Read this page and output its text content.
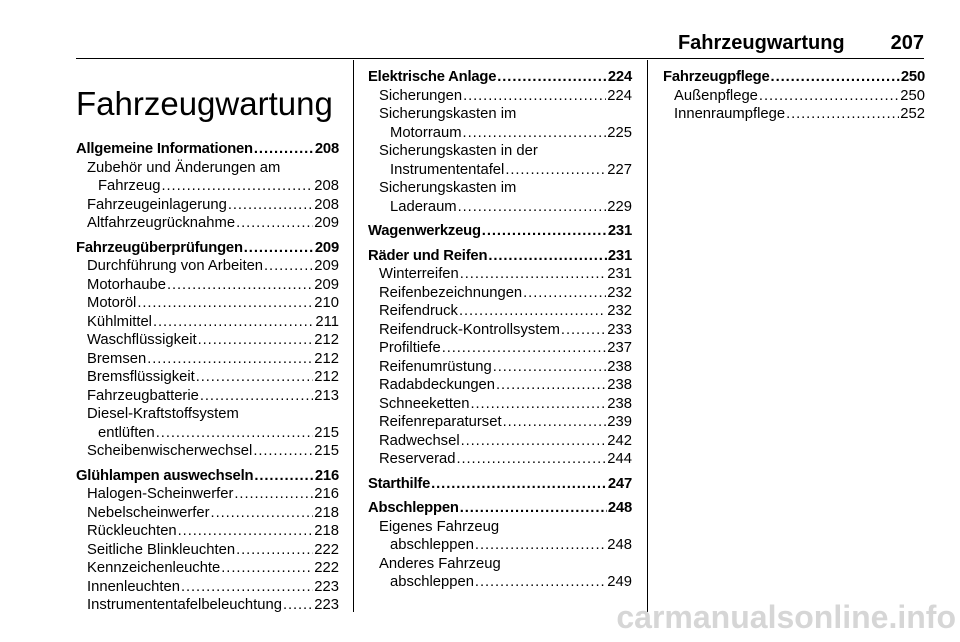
Fahrzeugwartung 207
Fahrzeugwartung
Allgemeine Informationen . . .	208
Zubehör und Änderungen am
Fahrzeug . . .	208
Fahrzeugeinlagerung . . .	208
Altfahrzeugrücknahme . . .	209
Fahrzeugüberprüfungen . . .	209
Durchführung von Arbeiten . . .	209
Motorhaube . . .	209
Motoröl . . .	210
Kühlmittel . . .	211
Waschflüssigkeit . . .	212
Bremsen . . .	212
Bremsflüssigkeit . . .	212
Fahrzeugbatterie . . .	213
Diesel-Kraftstoffsystem
entlüften . . .	215
Scheibenwischerwechsel . . .	215
Glühlampen auswechseln . . .	216
Halogen-Scheinwerfer . . .	216
Nebelscheinwerfer . . .	218
Rückleuchten . . .	218
Seitliche Blinkleuchten . . .	222
Kennzeichenleuchte . . .	222
Innenleuchten . . .	223
Instrumententafelbeleuchtung . . . 223
Elektrische Anlage . . .	224
Sicherungen . . .	224
Sicherungskasten im
Motorraum . . .	225
Sicherungskasten in der
Instrumententafel . . .	227
Sicherungskasten im
Laderaum . . .	229
Wagenwerkzeug . . .	231
Räder und Reifen . . .	231
Winterreifen . . .	231
Reifenbezeichnungen . . .	232
Reifendruck . . .	232
Reifendruck-Kontrollsystem . . .	233
Profiltiefe . . .	237
Reifenumrüstung . . .	238
Radabdeckungen . . .	238
Schneeketten . . .	238
Reifenreparaturset . . .	239
Radwechsel . . .	242
Reserverad . . .	244
Starthilfe . . .	247
Abschleppen . . .	248
Eigenes Fahrzeug
abschleppen . . .	248
Anderes Fahrzeug
abschleppen . . .	249
Fahrzeugpflege . . .	250
Außenpflege . . .	250
Innenraumpflege . . .	252
carmanualsonline.info
